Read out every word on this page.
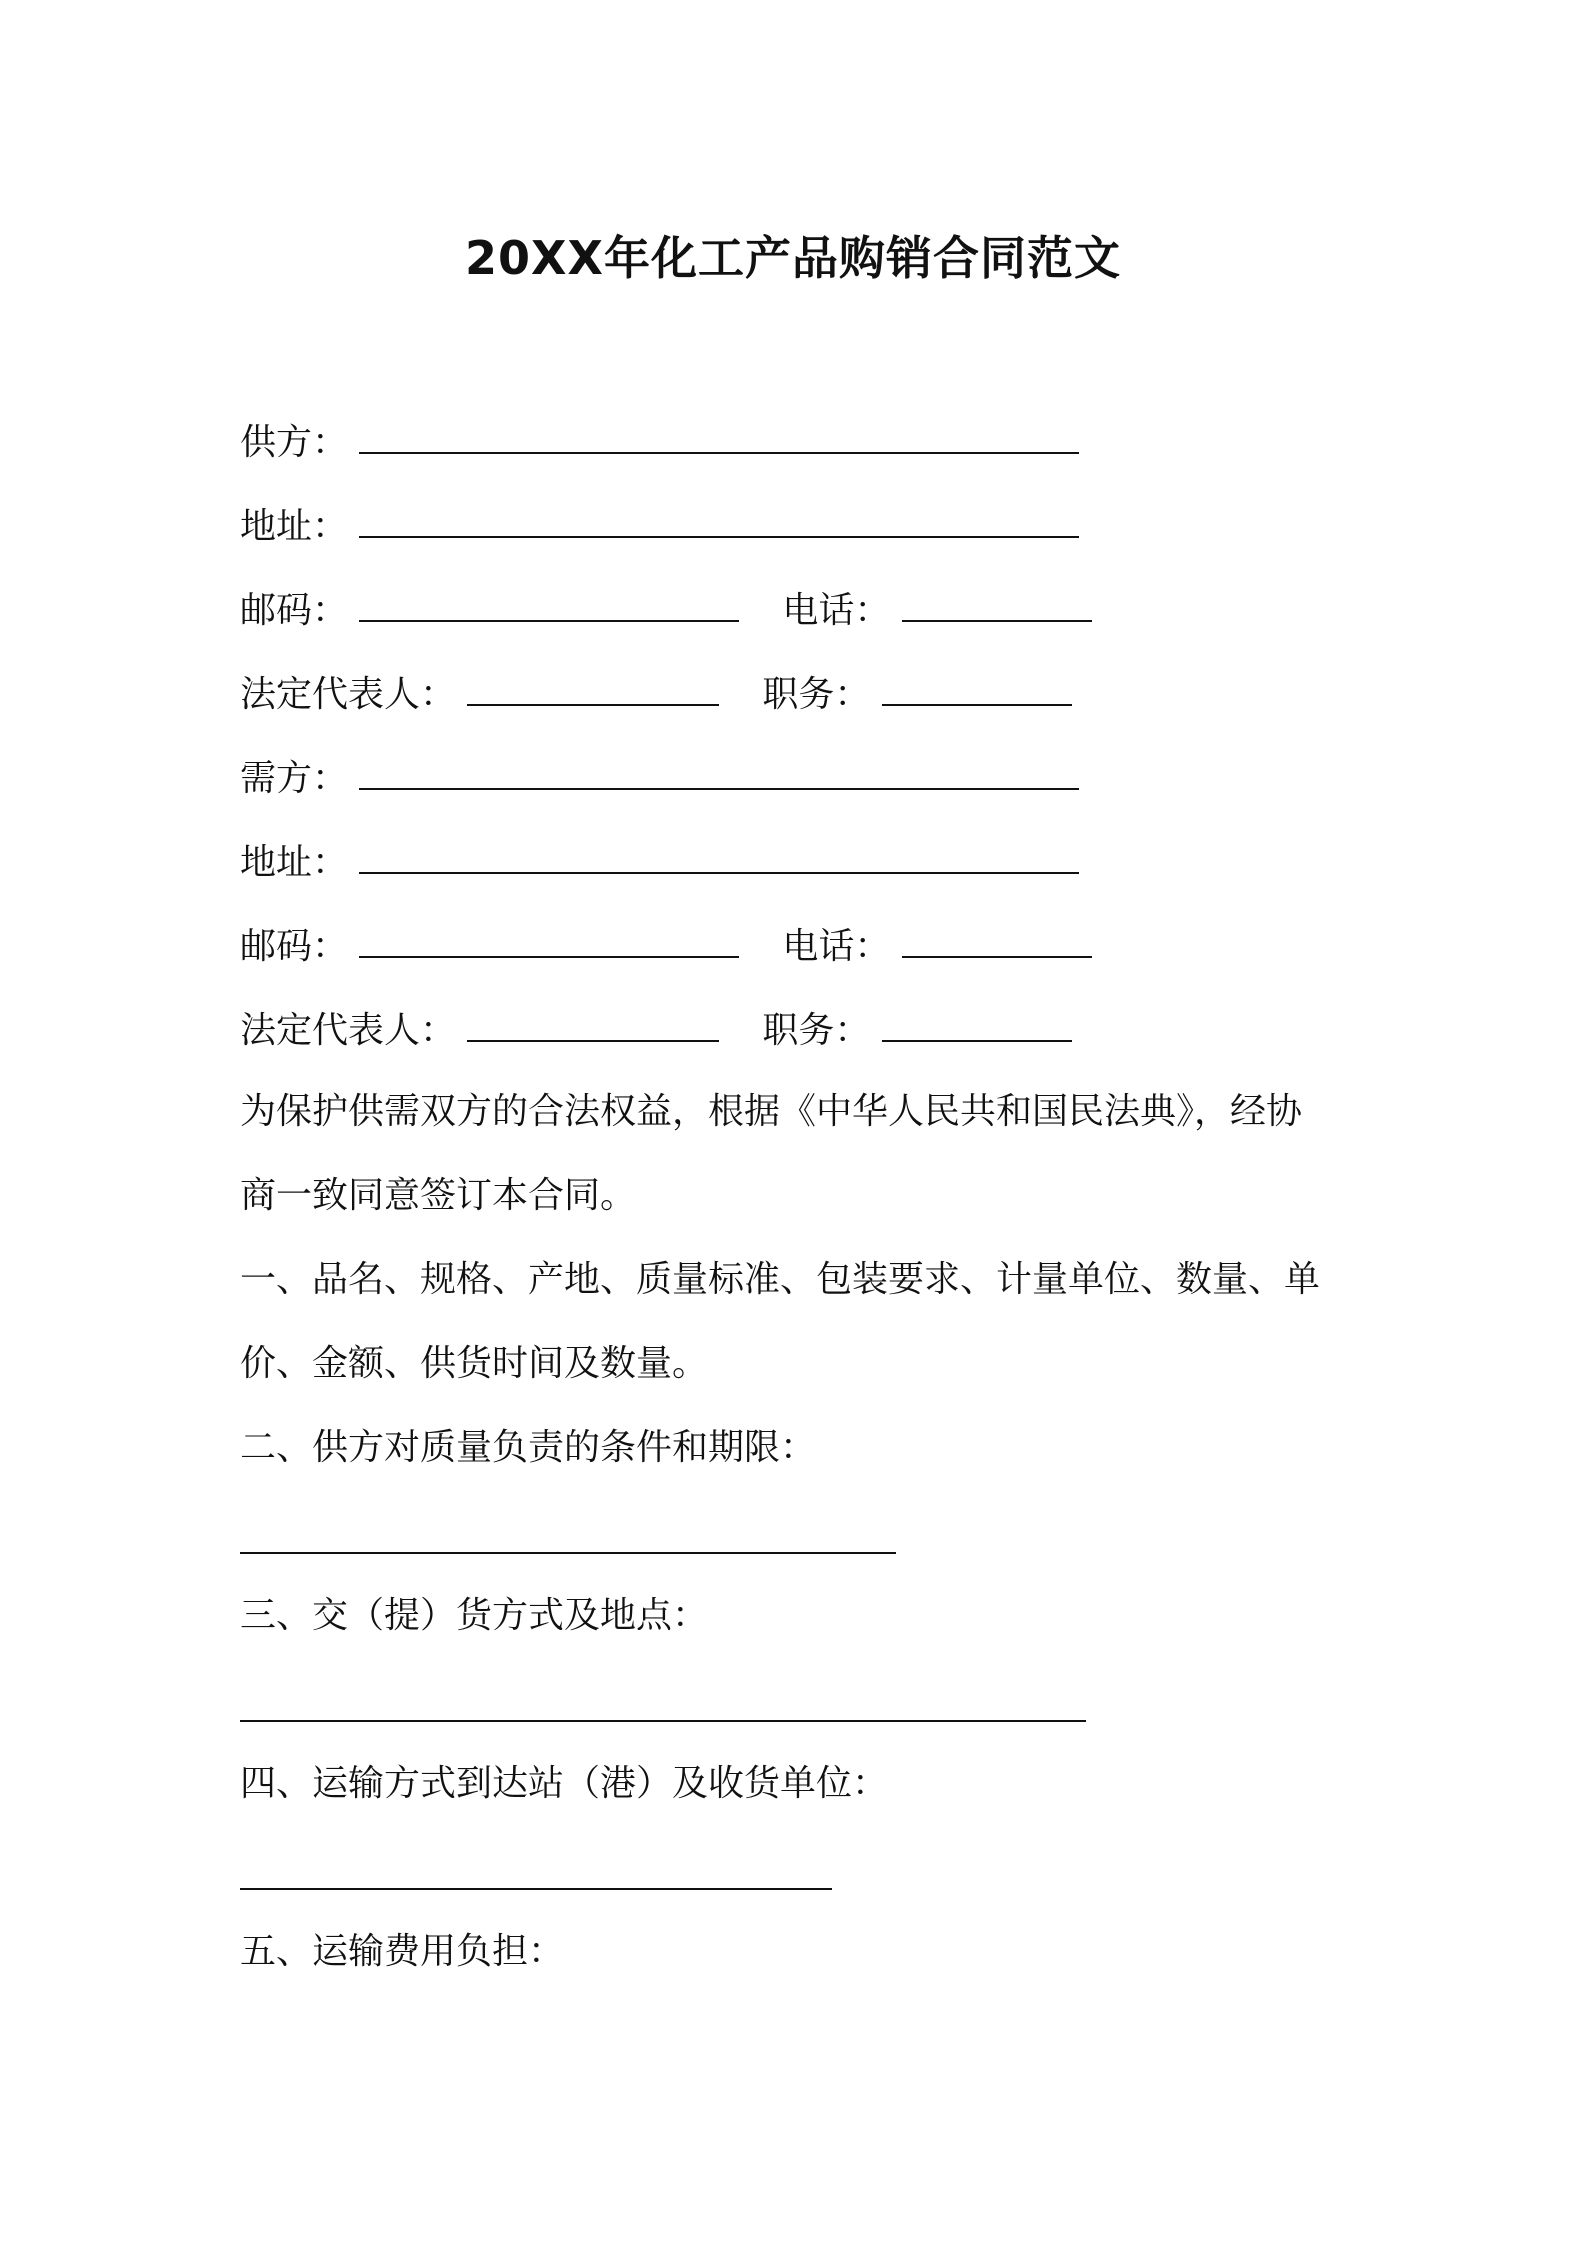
20XX年化工产品购销合同范文
供方：
地址：
邮码：	电话：
法定代表人：	职务：
需方：
地址：
邮码：	电话：
法定代表人：	职务：
为保护供需双方的合法权益，根据《中华人民共和国民法典》，经协
商一致同意签订本合同。
一、品名、规格、产地、质量标准、包装要求、计量单位、数量、单
价、金额、供货时间及数量。
二、供方对质量负责的条件和期限：
三、交（提）货方式及地点：
四、运输方式到达站（港）及收货单位：
五、运输费用负担：
